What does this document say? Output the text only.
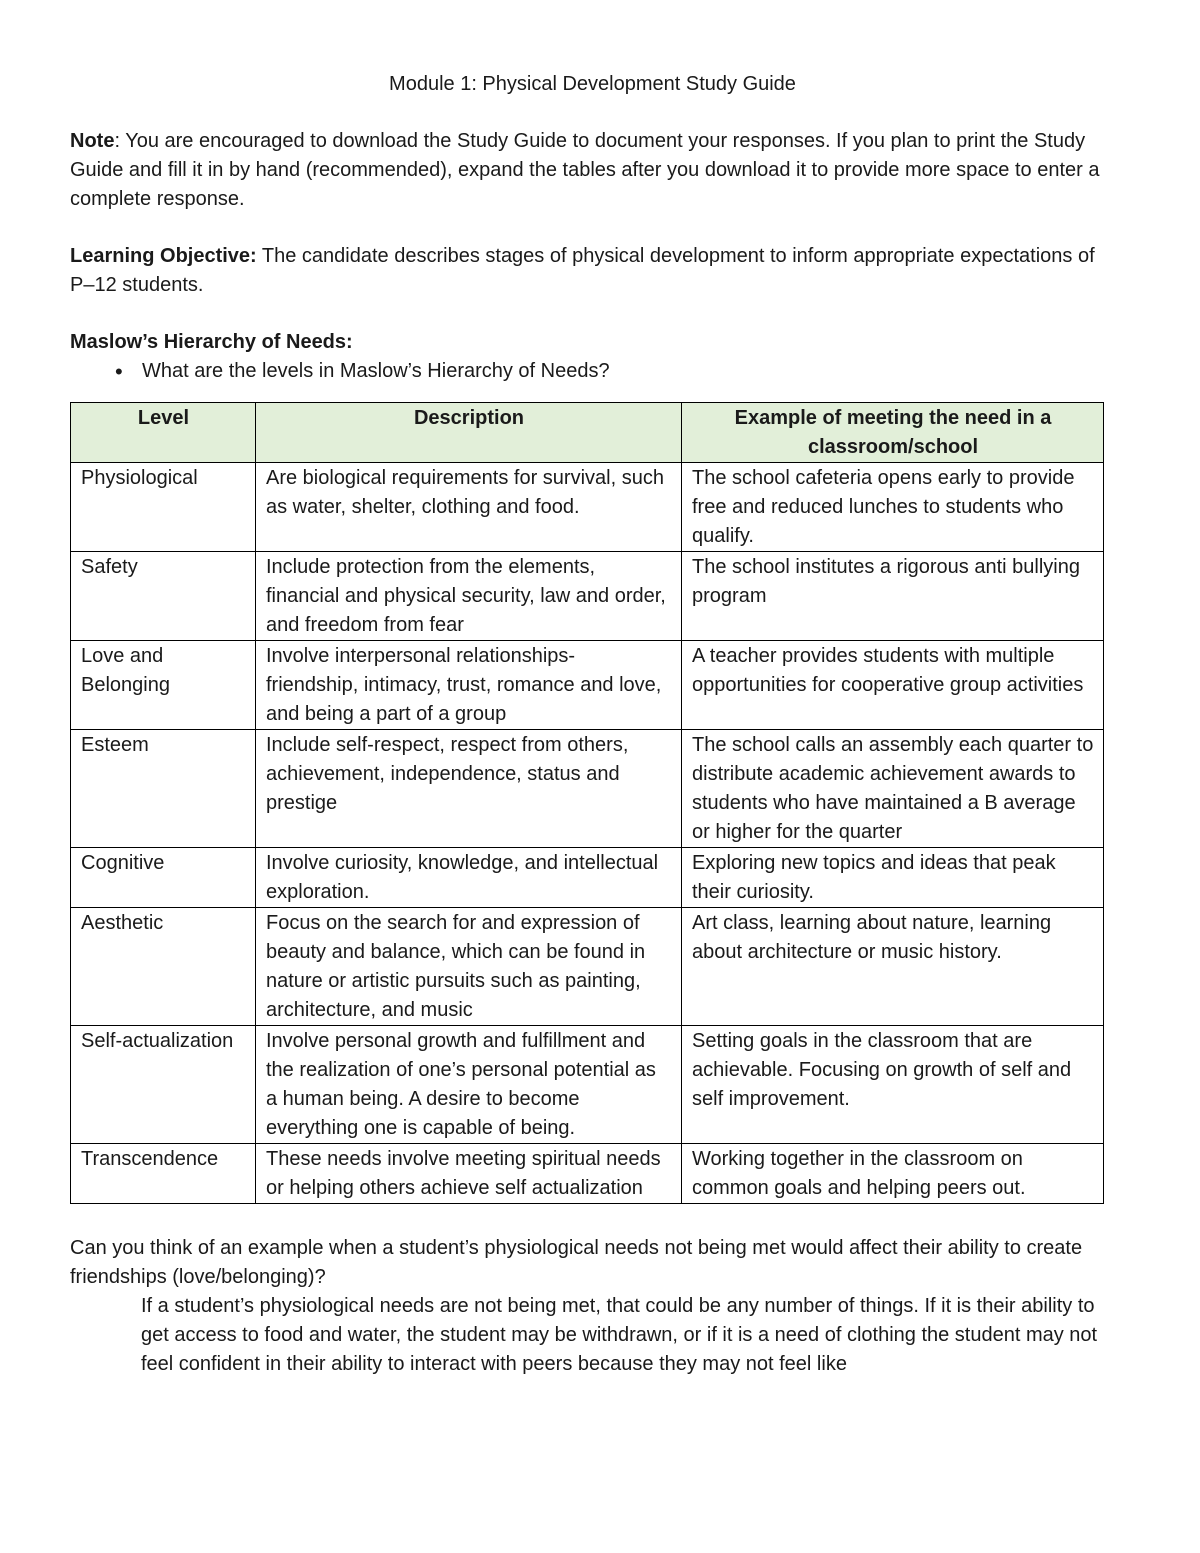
Module 1: Physical Development Study Guide

Note: You are encouraged to download the Study Guide to document your responses. If you plan to print the Study Guide and fill it in by hand (recommended), expand the tables after you download it to provide more space to enter a complete response.

Learning Objective: The candidate describes stages of physical development to inform appropriate expectations of P–12 students.

Maslow’s Hierarchy of Needs:

• What are the levels in Maslow’s Hierarchy of Needs?
Level	Description	Example of meeting the need in a classroom/school
Physiological	Are biological requirements for survival, such as water, shelter, clothing and food.	The school cafeteria opens early to provide free and reduced lunches to students who qualify.
Safety	Include protection from the elements, financial and physical security, law and order, and freedom from fear	The school institutes a rigorous anti bullying program
Love and Belonging	Involve interpersonal relationships- friendship, intimacy, trust, romance and love, and being a part of a group	A teacher provides students with multiple opportunities for cooperative group activities
Esteem	Include self-respect, respect from others, achievement, independence, status and prestige	The school calls an assembly each quarter to distribute academic achievement awards to students who have maintained a B average or higher for the quarter
Cognitive	Involve curiosity, knowledge, and intellectual exploration.	Exploring new topics and ideas that peak their curiosity.
Aesthetic	Focus on the search for and expression of beauty and balance, which can be found in nature or artistic pursuits such as painting, architecture, and music	Art class, learning about nature, learning about architecture or music history.
Self-actualization	Involve personal growth and fulfillment and the realization of one’s personal potential as a human being. A desire to become everything one is capable of being.	Setting goals in the classroom that are achievable. Focusing on growth of self and self improvement.
Transcendence	These needs involve meeting spiritual needs or helping others achieve self actualization	Working together in the classroom on common goals and helping peers out.

Can you think of an example when a student’s physiological needs not being met would affect their ability to create friendships (love/belonging)?

If a student’s physiological needs are not being met, that could be any number of things. If it is their ability to get access to food and water, the student may be withdrawn, or if it is a need of clothing the student may not feel confident in their ability to interact with peers because they may not feel like
